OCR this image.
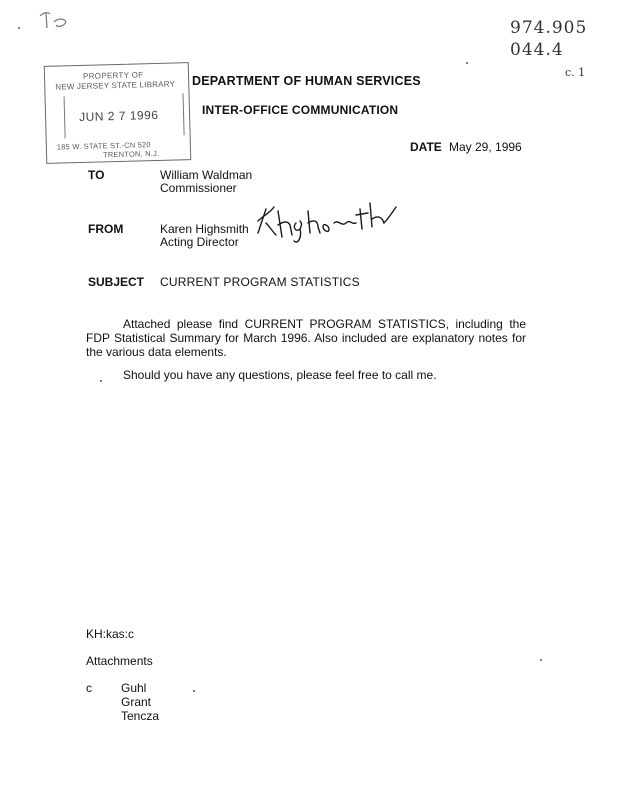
974.905
044.4
c. 1
PROPERTY OF
NEW JERSEY STATE LIBRARY
JUN 2 7 1996
185 W. STATE ST.-CN 520
TRENTON, N.J.
DEPARTMENT OF HUMAN SERVICES
INTER-OFFICE COMMUNICATION
DATE May 29, 1996
TO	William Waldman
Commissioner
FROM	Karen Highsmith
Acting Director
KHighsmith
SUBJECT CURRENT PROGRAM STATISTICS
Attached please find CURRENT PROGRAM STATISTICS, including the FDP Statistical Summary for March 1996. Also included are explanatory notes for the various data elements.
Should you have any questions, please feel free to call me.
KH:kas:c
Attachments
c Guhl
Grant
Tencza
